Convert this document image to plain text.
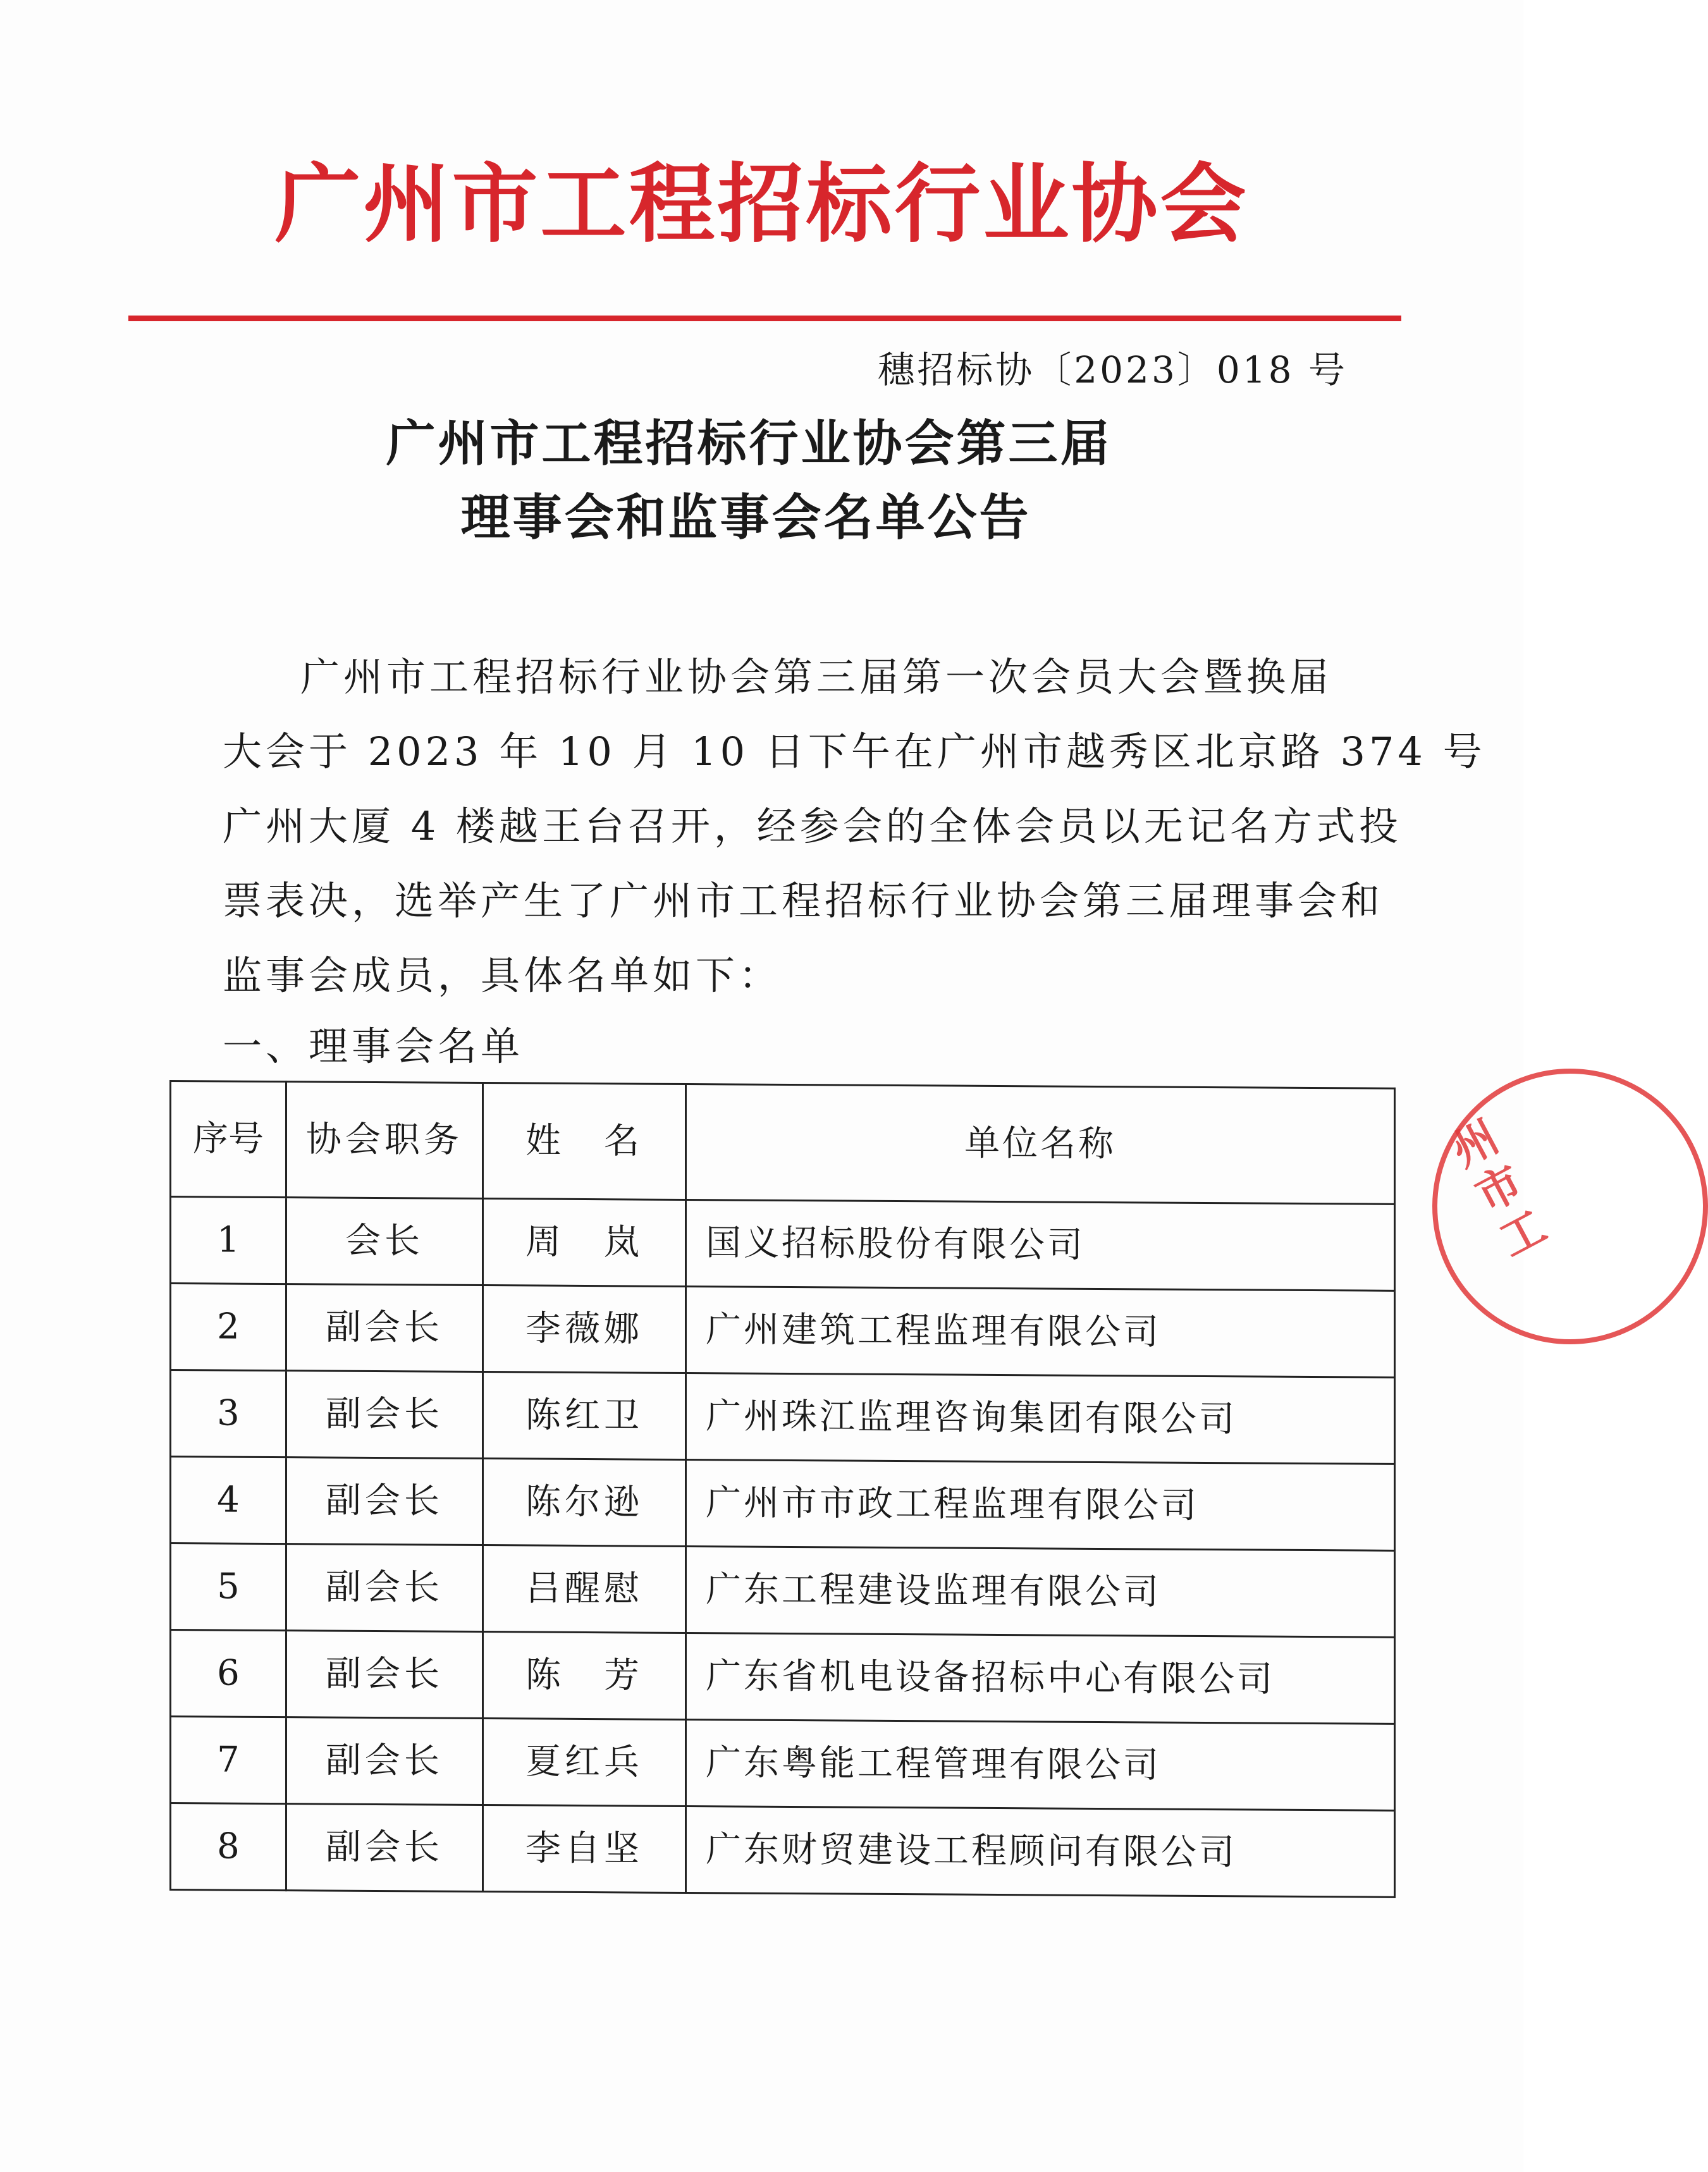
广州市工程招标行业协会
穗招标协〔2023〕018 号
广州市工程招标行业协会第三届
理事会和监事会名单公告
广州市工程招标行业协会第三届第一次会员大会暨换届
大会于 2023 年 10 月 10 日下午在广州市越秀区北京路 374 号
广州大厦 4 楼越王台召开，经参会的全体会员以无记名方式投
票表决，选举产生了广州市工程招标行业协会第三届理事会和
监事会成员，具体名单如下：
一、理事会名单
序号	协会职务	姓　名	单位名称
1	会长	周　岚	国义招标股份有限公司
2	副会长	李薇娜	广州建筑工程监理有限公司
3	副会长	陈红卫	广州珠江监理咨询集团有限公司
4	副会长	陈尔逊	广州市市政工程监理有限公司
5	副会长	吕醒慰	广东工程建设监理有限公司
6	副会长	陈　芳	广东省机电设备招标中心有限公司
7	副会长	夏红兵	广东粤能工程管理有限公司
8	副会长	李自坚	广东财贸建设工程顾问有限公司
州市工
